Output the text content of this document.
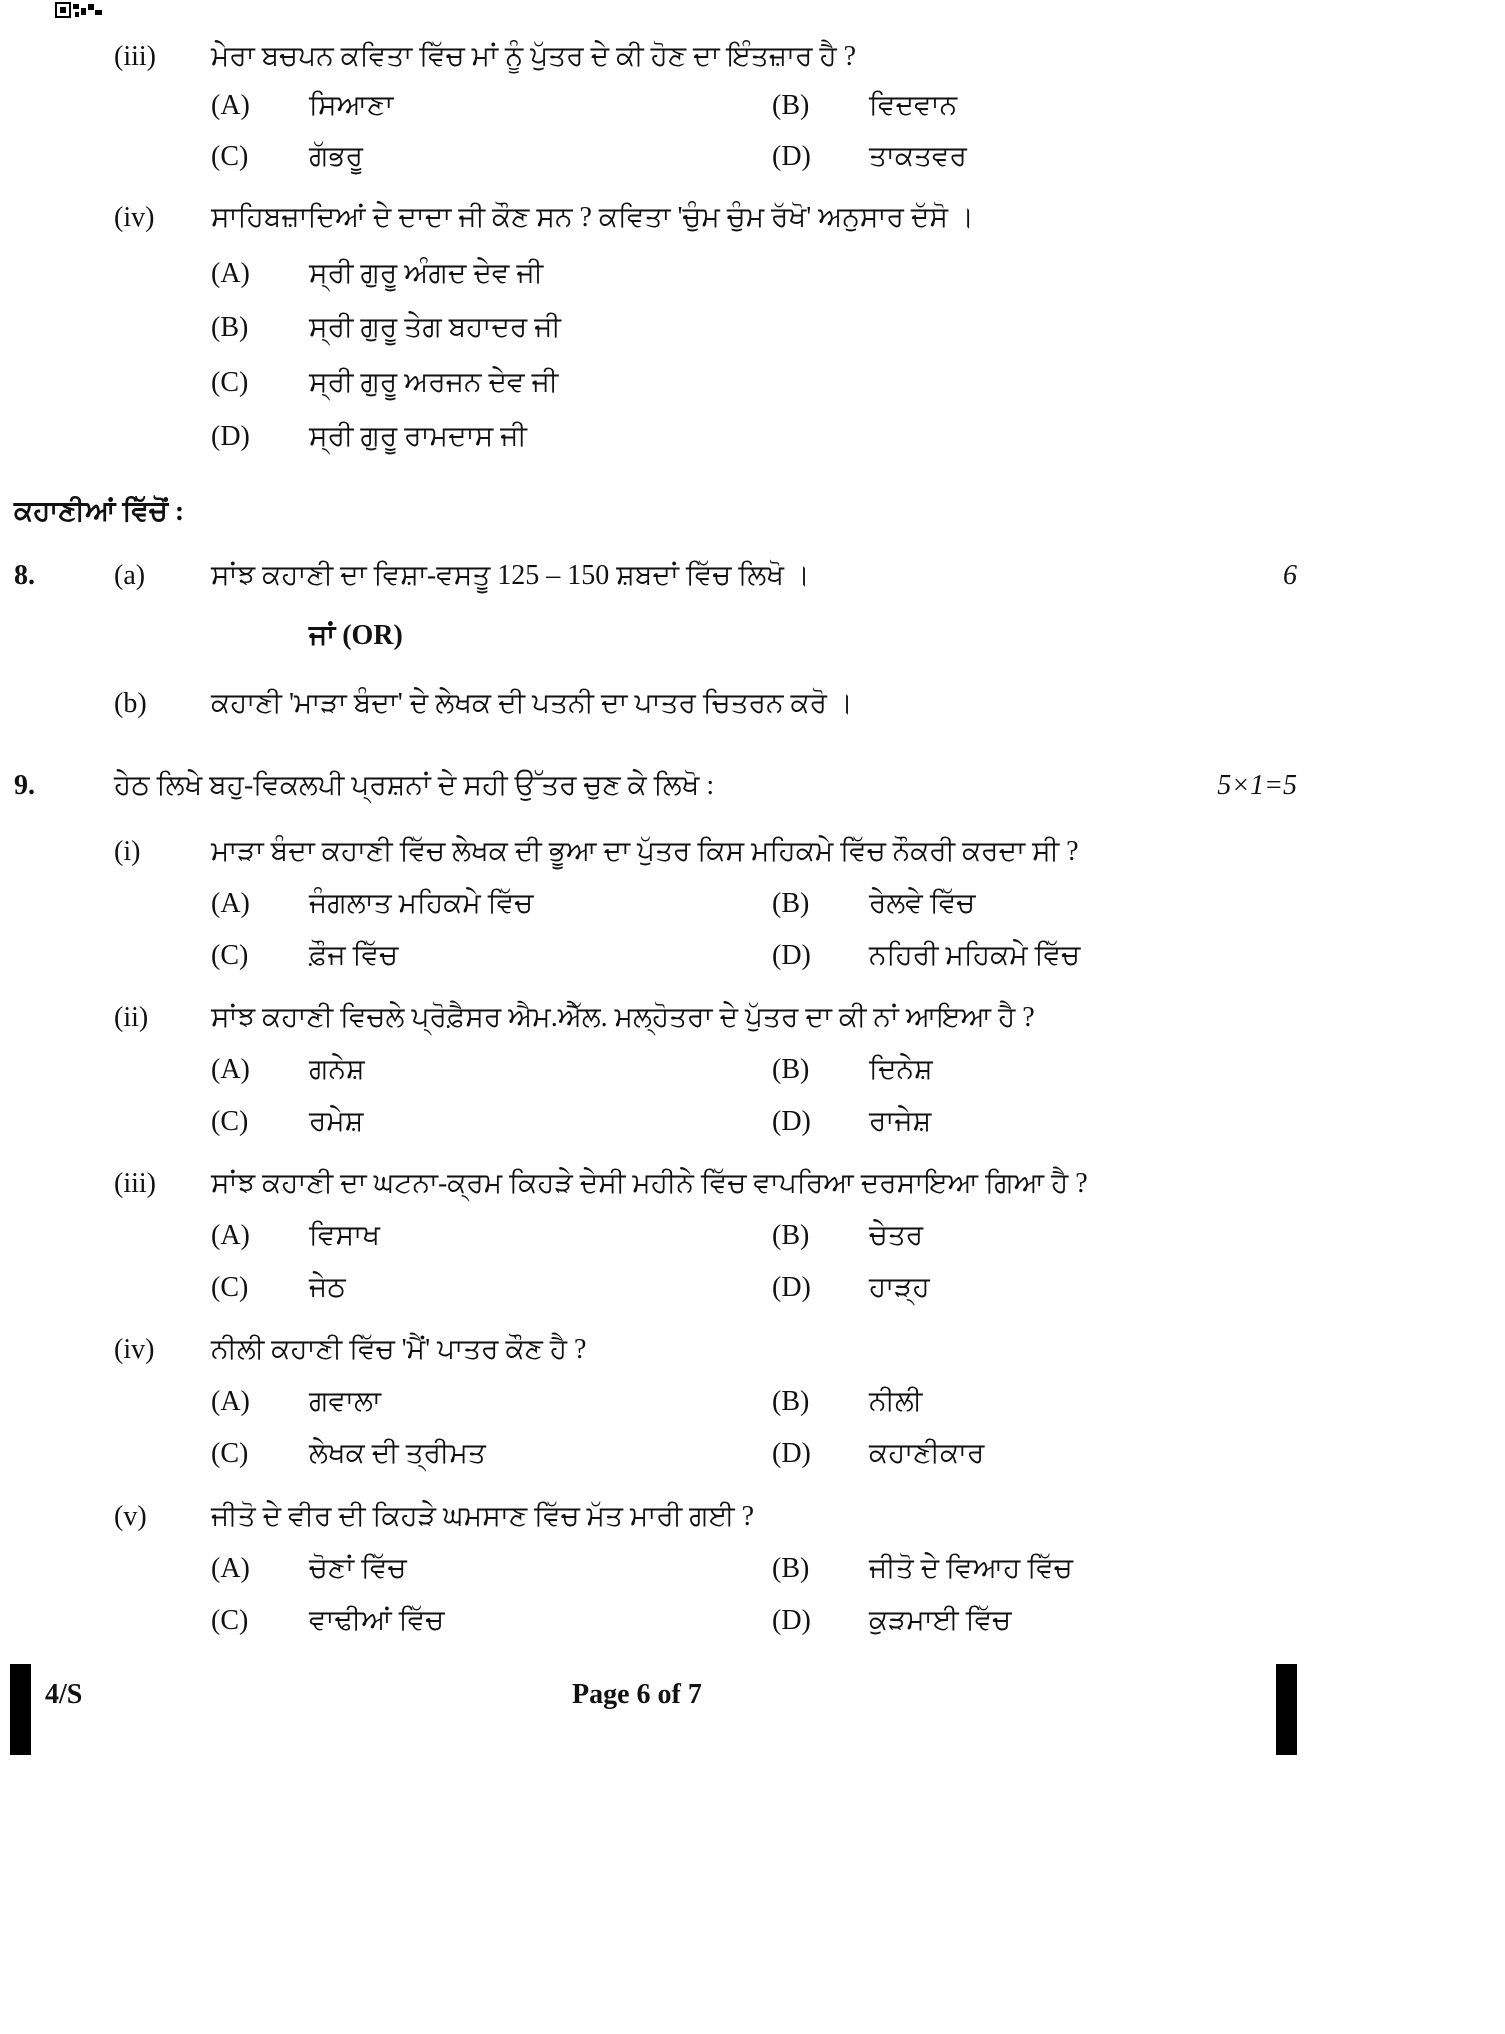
(iii) ਮੇਰਾ ਬਚਪਨ ਕਵਿਤਾ ਵਿੱਚ ਮਾਂ ਨੂੰ ਪੁੱਤਰ ਦੇ ਕੀ ਹੋਣ ਦਾ ਇੰਤਜ਼ਾਰ ਹੈ ?
(A) ਸਿਆਣਾ	(B) ਵਿਦਵਾਨ
(C) ਗੱਭਰੂ	(D) ਤਾਕਤਵਰ
(iv) ਸਾਹਿਬਜ਼ਾਦਿਆਂ ਦੇ ਦਾਦਾ ਜੀ ਕੌਣ ਸਨ ? ਕਵਿਤਾ 'ਚੁੰਮ ਚੁੰਮ ਰੱਖੋ' ਅਨੁਸਾਰ ਦੱਸੋ ।
(A) ਸ੍ਰੀ ਗੁਰੂ ਅੰਗਦ ਦੇਵ ਜੀ
(B) ਸ੍ਰੀ ਗੁਰੂ ਤੇਗ ਬਹਾਦਰ ਜੀ
(C) ਸ੍ਰੀ ਗੁਰੂ ਅਰਜਨ ਦੇਵ ਜੀ
(D) ਸ੍ਰੀ ਗੁਰੂ ਰਾਮਦਾਸ ਜੀ
ਕਹਾਣੀਆਂ ਵਿੱਚੋਂ :
8.	(a) ਸਾਂਝ ਕਹਾਣੀ ਦਾ ਵਿਸ਼ਾ-ਵਸਤੂ 125 – 150 ਸ਼ਬਦਾਂ ਵਿੱਚ ਲਿਖੋ ।	6
ਜਾਂ (OR)
(b) ਕਹਾਣੀ 'ਮਾੜਾ ਬੰਦਾ' ਦੇ ਲੇਖਕ ਦੀ ਪਤਨੀ ਦਾ ਪਾਤਰ ਚਿਤਰਨ ਕਰੋ ।
9.	ਹੇਠ ਲਿਖੇ ਬਹੁ-ਵਿਕਲਪੀ ਪ੍ਰਸ਼ਨਾਂ ਦੇ ਸਹੀ ਉੱਤਰ ਚੁਣ ਕੇ ਲਿਖੋ :	5×1=5
(i)	ਮਾੜਾ ਬੰਦਾ ਕਹਾਣੀ ਵਿੱਚ ਲੇਖਕ ਦੀ ਭੂਆ ਦਾ ਪੁੱਤਰ ਕਿਸ ਮਹਿਕਮੇ ਵਿੱਚ ਨੌਕਰੀ ਕਰਦਾ ਸੀ ?
(A) ਜੰਗਲਾਤ ਮਹਿਕਮੇ ਵਿੱਚ	(B) ਰੇਲਵੇ ਵਿੱਚ
(C) ਫ਼ੌਜ ਵਿੱਚ	(D) ਨਹਿਰੀ ਮਹਿਕਮੇ ਵਿੱਚ
(ii) ਸਾਂਝ ਕਹਾਣੀ ਵਿਚਲੇ ਪ੍ਰੋਫ਼ੈਸਰ ਐਮ.ਐੱਲ. ਮਲ੍ਹੋਤਰਾ ਦੇ ਪੁੱਤਰ ਦਾ ਕੀ ਨਾਂ ਆਇਆ ਹੈ ?
(A) ਗਨੇਸ਼	(B) ਦਿਨੇਸ਼
(C) ਰਮੇਸ਼	(D) ਰਾਜੇਸ਼
(iii) ਸਾਂਝ ਕਹਾਣੀ ਦਾ ਘਟਨਾ-ਕ੍ਰਮ ਕਿਹੜੇ ਦੇਸੀ ਮਹੀਨੇ ਵਿੱਚ ਵਾਪਰਿਆ ਦਰਸਾਇਆ ਗਿਆ ਹੈ ?
(A) ਵਿਸਾਖ	(B) ਚੇਤਰ
(C) ਜੇਠ	(D) ਹਾੜ੍ਹ
(iv) ਨੀਲੀ ਕਹਾਣੀ ਵਿੱਚ 'ਮੈਂ' ਪਾਤਰ ਕੌਣ ਹੈ ?
(A) ਗਵਾਲਾ	(B) ਨੀਲੀ
(C) ਲੇਖਕ ਦੀ ਤ੍ਰੀਮਤ	(D) ਕਹਾਣੀਕਾਰ
(v) ਜੀਤੋ ਦੇ ਵੀਰ ਦੀ ਕਿਹੜੇ ਘਮਸਾਣ ਵਿੱਚ ਮੱਤ ਮਾਰੀ ਗਈ ?
(A) ਚੋਣਾਂ ਵਿੱਚ	(B) ਜੀਤੋ ਦੇ ਵਿਆਹ ਵਿੱਚ
(C) ਵਾਢੀਆਂ ਵਿੱਚ	(D) ਕੁੜਮਾਈ ਵਿੱਚ
4/S	Page 6 of 7
